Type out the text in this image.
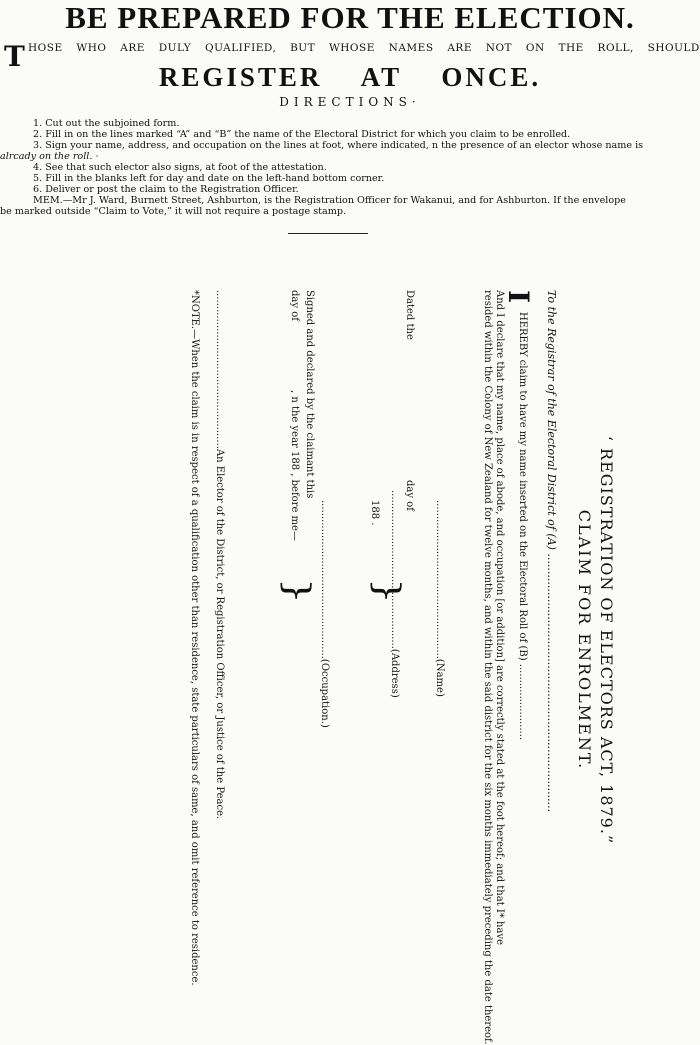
BE PREPARED FOR THE ELECTION.
T HOSE WHO ARE DULY QUALIFIED, BUT WHOSE NAMES ARE NOT ON THE ROLL, SHOULD
REGISTER AT ONCE.
DIRECTIONS·
1. Cut out the subjoined form.
2. Fill in on the lines marked “A” and “B” the name of the Electoral District for which you claim to be enrolled.
3. Sign your name, address, and occupation on the lines at foot, where indicated, n the presence of an elector whose name is
alrcady on the roll. ·
4. See that such elector also signs, at foot of the attestation.
5. Fill in the blanks left for day and date on the left-hand bottom corner.
6. Deliver or post the claim to the Registration Officer.
MEM.—Mr J. Ward, Burnett Street, Ashburton, is the Registration Officer for Wakanui, and for Ashburton. If the envelope
be marked outside “Claim to Vote,” it will not require a postage stamp.
‘ REGISTRATION OF ELECTORS ACT, 1879.”
CLAIM FOR ENROLMENT.
To the Registrar of the Electoral District of (A) ..........................................................................
I
HEREBY claim to have my name inserted on the Electoral Roll of (B) ........................
And I declare that my name, place of abode, and occupation [or addition] are correctly stated at the foot hereof; and that I* have
resided within the Colony of New Zealand for twelve months, and within the said district for the six months immediately preceding the date thereof.
..................................................(Name)
Dated the
day of
..................................................(Address)
188 .
}
Signed and declared by the claimant this
day of
, n the year 188 , before me—
} ..................................................(Occupation.)
..................................................An Elector of the District, or Registration Officer, or Justice of the Peace.
*NOTE.—When the claim is in respect of a qualification other than residence, state particulars of same, and omit reference to residence.
